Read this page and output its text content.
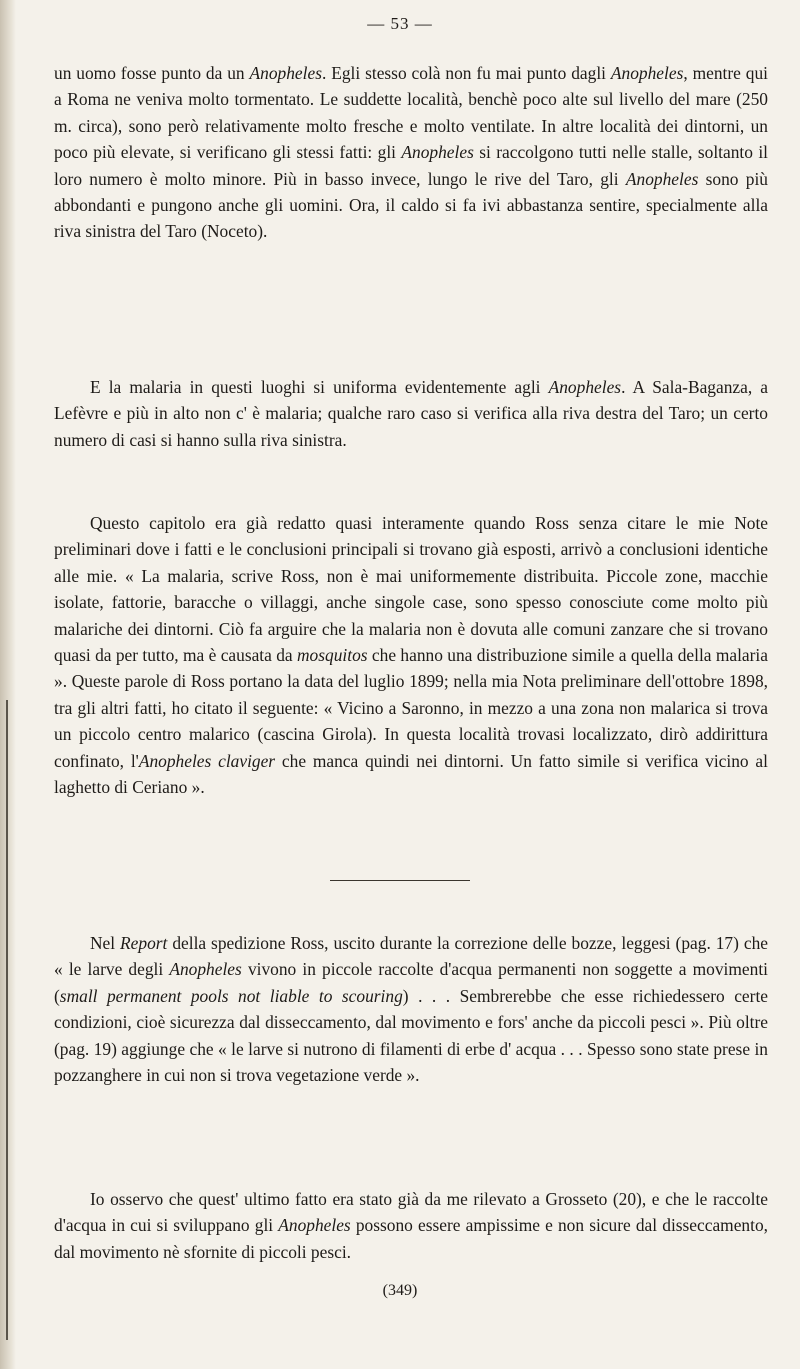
— 53 —

un uomo fosse punto da un Anopheles. Egli stesso colà non fu mai punto dagli Anopheles, mentre qui a Roma ne veniva molto tormentato. Le suddette località, benchè poco alte sul livello del mare (250 m. circa), sono però relativamente molto fresche e molto ventilate. In altre località dei dintorni, un poco più elevate, si verificano gli stessi fatti: gli Anopheles si raccolgono tutti nelle stalle, soltanto il loro numero è molto minore. Più in basso invece, lungo le rive del Taro, gli Anopheles sono più abbondanti e pungono anche gli uomini. Ora, il caldo si fa ivi abbastanza sentire, specialmente alla riva sinistra del Taro (Noceto).

E la malaria in questi luoghi si uniforma evidentemente agli Anopheles. A Sala-Baganza, a Lefèvre e più in alto non c' è malaria; qualche raro caso si verifica alla riva destra del Taro; un certo numero di casi si hanno sulla riva sinistra.

Questo capitolo era già redatto quasi interamente quando Ross senza citare le mie Note preliminari dove i fatti e le conclusioni principali si trovano già esposti, arrivò a conclusioni identiche alle mie. « La malaria, scrive Ross, non è mai uniformemente distribuita. Piccole zone, macchie isolate, fattorie, baracche o villaggi, anche singole case, sono spesso conosciute come molto più malariche dei dintorni. Ciò fa arguire che la malaria non è dovuta alle comuni zanzare che si trovano quasi da per tutto, ma è causata da mosquitos che hanno una distribuzione simile a quella della malaria ». Queste parole di Ross portano la data del luglio 1899; nella mia Nota preliminare dell'ottobre 1898, tra gli altri fatti, ho citato il seguente: « Vicino a Saronno, in mezzo a una zona non malarica si trova un piccolo centro malarico (cascina Girola). In questa località trovasi localizzato, dirò addirittura confinato, l'Anopheles claviger che manca quindi nei dintorni. Un fatto simile si verifica vicino al laghetto di Ceriano ».

Nel Report della spedizione Ross, uscito durante la correzione delle bozze, leggesi (pag. 17) che « le larve degli Anopheles vivono in piccole raccolte d'acqua permanenti non soggette a movimenti (small permanent pools not liable to scouring) . . . Sembrerebbe che esse richiedessero certe condizioni, cioè sicurezza dal disseccamento, dal movimento e fors' anche da piccoli pesci ». Più oltre (pag. 19) aggiunge che « le larve si nutrono di filamenti di erbe d' acqua . . . Spesso sono state prese in pozzanghere in cui non si trova vegetazione verde ».

Io osservo che quest' ultimo fatto era stato già da me rilevato a Grosseto (20), e che le raccolte d'acqua in cui si sviluppano gli Anopheles possono essere ampissime e non sicure dal disseccamento, dal movimento nè sfornite di piccoli pesci.

(349)
